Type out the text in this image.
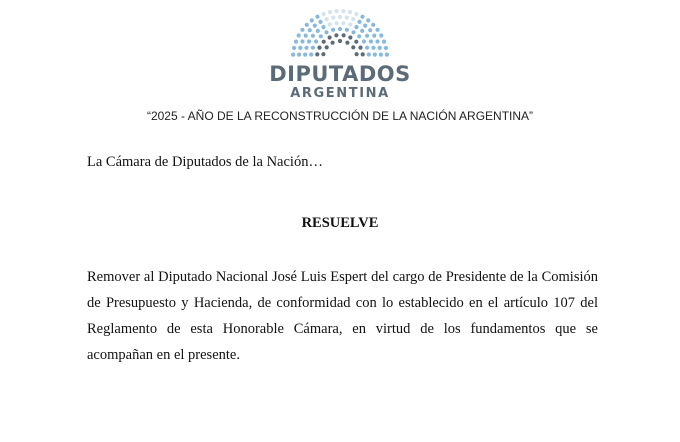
DIPUTADOS
ARGENTINA
“2025 - AÑO DE LA RECONSTRUCCIÓN DE LA NACIÓN ARGENTINA”
La Cámara de Diputados de la Nación…
RESUELVE
Remover al Diputado Nacional José Luis Espert del cargo de Presidente de la Comisión de Presupuesto y Hacienda, de conformidad con lo establecido en el artículo 107 del Reglamento de esta Honorable Cámara, en virtud de los fundamentos que se acompañan en el presente.
